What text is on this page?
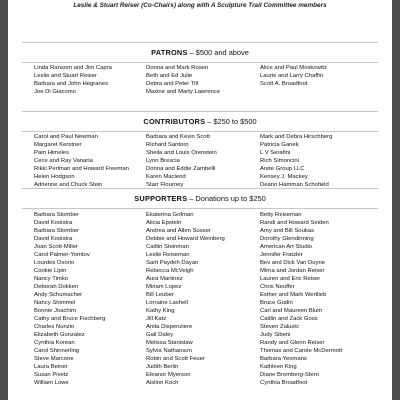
Leslie & Stuart Reiser (Co-Chairs) along with A Sculpture Trail Committee members
PATRONS – $500 and above
Linda Ransom and Jim Capra
Leslie and Stuart Reiser
Barbara and John Hegranes
Joe Di Giacomo
Donna and Mark Rosen
Beth and Ed Julie
Debra and Peter Till
Maxine and Marty Lawrence
Alice and Paul Moskowitz
Laurie and Larry Chaffin
Scott A. Broadfoot
CONTRIBUTORS – $250 to $500
Carol and Paul Newman
Margaret Kerstner
Pam Himeles
Cece and Ray Vanaria
Rikki Perlman and Howard Freeman
Helen Hodgson
Adrienne and Chuck Stein
Barbara and Kevin Scott
Richard Santoro
Sheila and Louis Orenstein
Lynn Brescia
Donna and Eddie Zambelli
Karen Macleod
Starr Flourney
Mark and Debra Hirschberg
Patricia Ganek
L V Serafini
Rich Simoncini
Arete Group LLC
Kensey J. Mackey
Deann Hamman Schofield
SUPPORTERS – Donations up to $250
Barbara Stomber
David Kooistra
Barbara Stomber
David Kooistra
Joan Scott-Miller
Carol Palmer-Yomtov
Lourdes Osorio
Cookie Lipin
Nancy Timko
Deborah Dokken
Andy Schumacher
Nancy Shimmel
Bonnie Joachim
Cathy and Bruce Fischberg
Charles Nunzio
Elizabeth Gonzalez
Cynthia Korean
Carol Shinnerling
Steve Marcone
Laura Beiner
Susan Pivetz
William Lowe
Ekaterina Gofman
Alicia Epstein
Andrea and Allen Susser
Debbie and Howard Weinberg
Caitlin Steinman
Leslie Reiseman
Sarit Paydeh Dayan
Rebecca McVeigh
Aura Martinez
Miriam Lopez
Bill Leuber
Lorraine Lashell
Kathy King
Jill Katz
Anita Dispenziere
Gail Daley
Melissa Stanislaw
Sylvia Nathanson
Robin and Scott Feuer
Judith Berlin
Eleanor Myerson
Aislinn Koch
Betty Reiseman
Randi and Howard Seiden
Amy and Bill Soukas
Dorothy Glendinning
American Art Studio
Jennifer Fratzler
Bev and Dick Van Duyne
Mirna and Jordan Reiser
Lauren and Eric Reiser
Chris Neuffer
Esther and Mark Wertlieb
Bruce Gudin
Carl and Maureen Blum
Caitlin and Zack Goss
Steven Zaluski
Judy Sibeni
Randy and Glenn Reiser
Thomas and Carole McDermott
Barbara Yeomans
Kathleen King
Diane Bromberg-Stern
Cynthia Broadfoot
